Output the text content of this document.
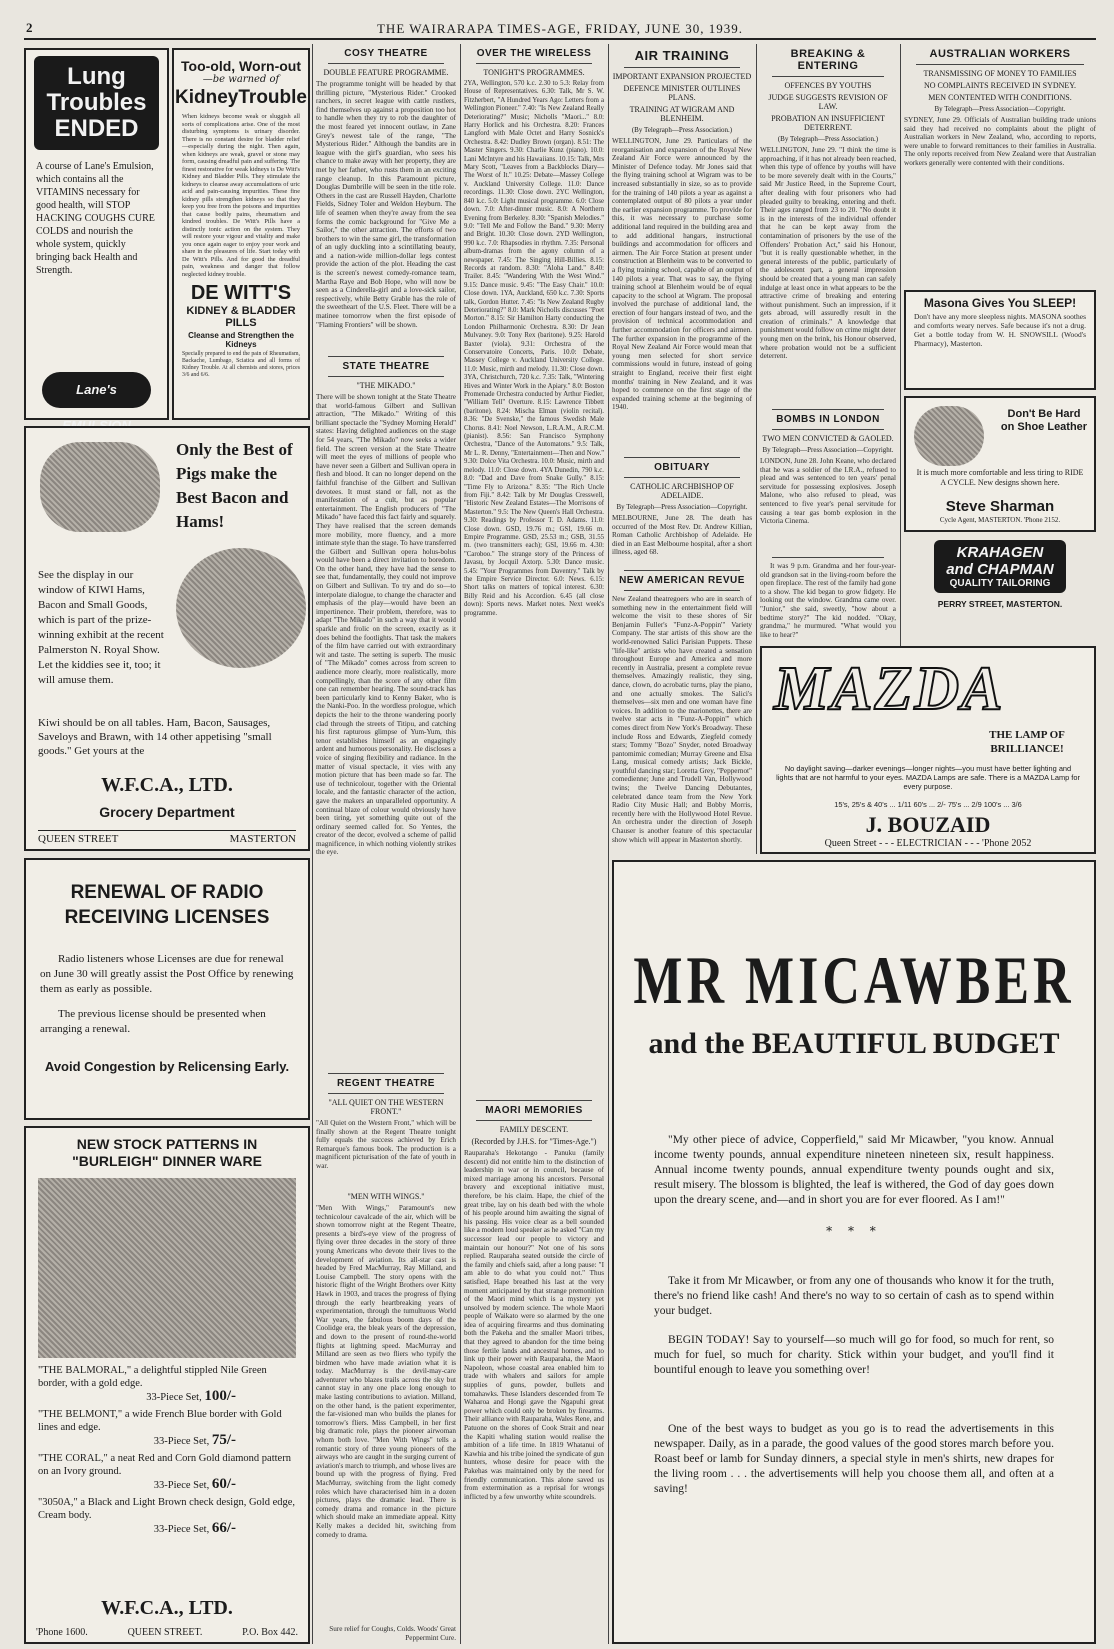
2	THE WAIRARAPA TIMES-AGE, FRIDAY, JUNE 30, 1939.
Lung Troubles ENDED
A course of Lane's Emulsion, which contains all the VITAMINS necessary for good health, will STOP HACKING COUGHS CURE COLDS and nourish the whole system, quickly bringing back Health and Strength.
Lane's
Too-old, Worn-out
—be warned of
KidneyTrouble
When kidneys become weak or sluggish all sorts of complications arise. One of the most disturbing symptoms is urinary disorder. There is no constant desire for bladder relief—especially during the night. Then again, when kidneys are weak, gravel or stone may form, causing dreadful pain and suffering. The finest restorative for weak kidneys is De Witt's Kidney and Bladder Pills. They stimulate the kidneys to cleanse away accumulations of uric acid and pain-causing impurities. These fine kidney pills strengthen kidneys so that they keep you free from the poisons and impurities that cause bodily pains, rheumatism and kindred troubles. De Witt's Pills have a distinctly tonic action on the system. They will restore your vigour and vitality and make you once again eager to enjoy your work and share in the pleasures of life. Start today with De Witt's Pills. And for good the dreadful pain, weakness and danger that follow neglected kidney trouble.
DE WITT'S
KIDNEY & BLADDER PILLS
Cleanse and Strengthen the Kidneys
Specially prepared to end the pain of Rheumatism, Backache, Lumbago, Sciatica and all forms of Kidney Trouble. At all chemists and stores, prices 3/6 and 6/6.
Only the Best of Pigs make the Best Bacon and Hams!
See the display in our window of KIWI Hams, Bacon and Small Goods, which is part of the prize-winning exhibit at the recent Palmerston N. Royal Show. Let the kiddies see it, too; it will amuse them.
Kiwi should be on all tables. Ham, Bacon, Sausages, Saveloys and Brawn, with 14 other appetising "small goods." Get yours at the
W.F.C.A., LTD.
Grocery Department
QUEEN STREET	MASTERTON
RENEWAL OF RADIO RECEIVING LICENSES
Radio listeners whose Licenses are due for renewal on June 30 will greatly assist the Post Office by renewing them as early as possible.
The previous license should be presented when arranging a renewal.
Avoid Congestion by Relicensing Early.
NEW STOCK PATTERNS IN "BURLEIGH" DINNER WARE
"THE BALMORAL," a delightful stippled Nile Green border, with a gold edge.
33-Piece Set, 100/-
"THE BELMONT," a wide French Blue border with Gold lines and edge.
33-Piece Set, 75/-
"THE CORAL," a neat Red and Corn Gold diamond pattern on an Ivory ground.
33-Piece Set, 60/-
"3050A," a Black and Light Brown check design, Gold edge, Cream body.
33-Piece Set, 66/-
W.F.C.A., LTD.
'Phone 1600.	QUEEN STREET.	P.O. Box 442.
COSY THEATRE
DOUBLE FEATURE PROGRAMME.
The programme tonight will be headed by that thrilling picture, "Mysterious Rider." Crooked ranchers, in secret league with cattle rustlers, find themselves up against a proposition too hot to handle when they try to rob the daughter of the most feared yet innocent outlaw, in Zane Grey's newest tale of the range, "The Mysterious Rider." Although the bandits are in league with the girl's guardian, who sees his chance to make away with her property, they are met by her father, who rusts them in an exciting range cleanup. In this Paramount picture, Douglas Dumbrille will be seen in the title role. Others in the cast are Russell Hayden, Charlotte Fields, Sidney Toler and Weldon Heyburn. The life of seamen when they're away from the sea forms the comic background for "Give Me a Sailor," the other attraction. The efforts of two brothers to win the same girl, the transformation of an ugly duckling into a scintillating beauty, and a nation-wide million-dollar legs contest provide the action of the plot. Heading the cast is the screen's newest comedy-romance team, Martha Raye and Bob Hope, who will now be seen as a Cinderella-girl and a love-sick sailor, respectively, while Betty Grable has the role of the sweetheart of the U.S. Fleet. There will be a matinee tomorrow when the first episode of "Flaming Frontiers" will be shown.
STATE THEATRE
"THE MIKADO."
There will be shown tonight at the State Theatre that world-famous Gilbert and Sullivan attraction, "The Mikado." Writing of this brilliant spectacle the "Sydney Morning Herald" states: Having delighted audiences on the stage for 54 years, "The Mikado" now seeks a wider field. The screen version at the State Theatre will meet the eyes of millions of people who have never seen a Gilbert and Sullivan opera in flesh and blood. It can no longer depend on the faithful franchise of the Gilbert and Sullivan devotees. It must stand or fall, not as the manifestation of a cult, but as popular entertainment. The English producers of "The Mikado" have faced this fact fairly and squarely. They have realised that the screen demands more mobility, more fluency, and a more intimate style than the stage. To have transferred the Gilbert and Sullivan opera holus-bolus would have been a direct invitation to boredom. On the other hand, they have had the sense to see that, fundamentally, they could not improve on Gilbert and Sullivan. To try and do so—to interpolate dialogue, to change the character and emphasis of the play—would have been an impertinence. Their problem, therefore, was to adapt "The Mikado" in such a way that it would sparkle and frolic on the screen, exactly as it does behind the footlights. That task the makers of the film have carried out with extraordinary wit and taste. The setting is superb. The music of "The Mikado" comes across from screen to audience more clearly, more realistically, more compellingly, than the score of any other film one can remember hearing. The sound-track has been particularly kind to Kenny Baker, who is the Nanki-Poo. In the wordless prologue, which depicts the heir to the throne wandering poorly clad through the streets of Titipu, and catching his first rapturous glimpse of Yum-Yum, this tenor establishes himself as an engagingly ardent and humorous personality. He discloses a voice of singing flexibility and radiance. In the matter of visual spectacle, it vies with any motion picture that has been made so far. The use of technicolour, together with the Oriental locale, and the fantastic character of the action, gave the makers an unparalleled opportunity. A continual blaze of colour would obviously have been tiring, yet something quite out of the ordinary seemed called for. So Yentes, the creator of the decor, evolved a scheme of pallid magnificence, in which nothing violently strikes the eye.
REGENT THEATRE
"ALL QUIET ON THE WESTERN FRONT."
"All Quiet on the Western Front," which will be finally shown at the Regent Theatre tonight fully equals the success achieved by Erich Remarque's famous book. The production is a magnificent picturisation of the fate of youth in war.
"MEN WITH WINGS."
"Men With Wings," Paramount's new technicolour cavalcade of the air, which will be shown tomorrow night at the Regent Theatre, presents a bird's-eye view of the progress of flying over three decades in the story of three young Americans who devote their lives to the development of aviation. Its all-star cast is headed by Fred MacMurray, Ray Milland, and Louise Campbell. The story opens with the historic flight of the Wright Brothers over Kitty Hawk in 1903, and traces the progress of flying through the early heartbreaking years of experimentation, through the tumultuous World War years, the fabulous boom days of the Coolidge era, the bleak years of the depression, and down to the present of round-the-world flights at lightning speed. MacMurray and Milland are seen as two fliers who typify the birdmen who have made aviation what it is today. MacMurray is the devil-may-care adventurer who blazes trails across the sky but cannot stay in any one place long enough to make lasting contributions to aviation. Milland, on the other hand, is the patient experimenter, the far-visioned man who builds the planes for tomorrow's fliers. Miss Campbell, in her first big dramatic role, plays the pioneer airwoman whom both love. "Men With Wings" tells a romantic story of three young pioneers of the airways who are caught in the surging current of aviation's march to triumph, and whose lives are bound up with the progress of flying. Fred MacMurray, switching from the light comedy roles which have characterised him in a dozen pictures, plays the dramatic lead. There is comedy drama and romance in the picture which should make an immediate appeal. Kitty Kelly makes a decided hit, switching from comedy to drama.
Sure relief for Coughs, Colds. Woods' Great Peppermint Cure.
OVER THE WIRELESS
TONIGHT'S PROGRAMMES.
2YA, Wellington, 570 k.c. 2.30 to 5.3: Relay from House of Representatives. 6.30: Talk, Mr S. W. Fitzherbert, "A Hundred Years Ago: Letters from a Wellington Pioneer." 7.40: "Is New Zealand Really Deteriorating?" Music; Nicholls "Maori..." 8.0: Harry Horlick and his Orchestra. 8.20: Frances Langford with Male Octet and Harry Sosnick's Orchestra. 8.42: Dudley Brown (organ). 8.51: The Master Singers. 9.30: Charlie Kunz (piano). 10.0: Lani McIntyre and his Hawaiians. 10.15: Talk, Mrs Mary Scott, "Leaves from a Backblocks Diary—The Worst of It." 10.25: Debate—Massey College v. Auckland University College. 11.0: Dance recordings. 11.30: Close down. 2YC Wellington, 840 k.c. 5.0: Light musical programme. 6.0: Close down. 7.0: After-dinner music. 8.0: A Northern Evening from Berkeley. 8.30: "Spanish Melodies." 9.0: "Tell Me and Follow the Band." 9.30: Merry and Bright. 10.30: Close down. 2YD Wellington, 990 k.c. 7.0: Rhapsodies in rhythm. 7.35: Personal album-dramas from the agony column of a newspaper. 7.45: The Singing Hill-Billies. 8.15: Records at random. 8.30: "Aloha Land." 8.40: Trailer. 8.45: "Wandering With the West Wind." 9.15: Dance music. 9.45: "The Easy Chair." 10.0: Close down. 1YA, Auckland, 650 k.c. 7.30: Sports talk, Gordon Hutter. 7.45: "Is New Zealand Rugby Deteriorating?" 8.0: Mark Nicholls discusses "Poet Morton." 8.15: Sir Hamilton Harty conducting the London Philharmonic Orchestra. 8.30: Dr Jean Mulvaney. 9.0: Tony Rex (baritone). 9.25: Harold Baxter (viola). 9.31: Orchestra of the Conservatoire Concerts, Paris. 10.0: Debate, Massey College v. Auckland University College. 11.0: Music, mirth and melody. 11.30: Close down. 3YA, Christchurch, 720 k.c. 7.35: Talk, "Wintering Hives and Winter Work in the Apiary." 8.0: Boston Promenade Orchestra conducted by Arthur Fiedler, "William Tell" Overture. 8.15: Lawrence Tibbett (baritone). 8.24: Mischa Elman (violin recital). 8.36: "De Svenske," the famous Swedish Male Chorus. 8.41: Noel Newson, L.R.A.M., A.R.C.M. (pianist). 8.56: San Francisco Symphony Orchestra, "Dance of the Automatons." 9.5: Talk, Mr L. R. Denny, "Entertainment—Then and Now." 9.30: Dolce Vita Orchestra. 10.0: Music, mirth and melody. 11.0: Close down. 4YA Dunedin, 790 k.c. 8.0: "Dad and Dave from Snake Gully." 8.15: "Time Fly to Arizona." 8.35: "The Rich Uncle from Fiji." 8.42: Talk by Mr Douglas Cresswell, "Historic New Zealand Estates—The Morrisons of Masterton." 9.5: The New Queen's Hall Orchestra. 9.30: Readings by Professor T. D. Adams. 11.0: Close down. GSD, 19.76 m.; GSI, 19.66 m. Empire Programme. GSD, 25.53 m.; GSB, 31.55 m. (two transmitters each); GSI, 19.66 m. 4.30: "Caroboo." The strange story of the Princess of Javasu, by Jocquil Axtorp. 5.30: Dance music. 5.45: "Your Programmes from Daventry." Talk by the Empire Service Director. 6.0: News. 6.15: Short talks on matters of topical interest. 6.30: Billy Reid and his Accordion. 6.45 (all close down): Sports news. Market notes. Next week's programme.
MAORI MEMORIES
FAMILY DESCENT.
(Recorded by J.H.S. for "Times-Age.")
Rauparaha's Hekotango - Panuku (family descent) did not entitle him to the distinction of leadership in war or in council, because of mixed marriage among his ancestors. Personal bravery and exceptional initiative must, therefore, be his claim. Hape, the chief of the great tribe, lay on his death bed with the whole of his people around him awaiting the signal of his passing. His voice clear as a bell sounded like a modern loud speaker as he asked "Can my successor lead our people to victory and maintain our honour?" Not one of his sons replied. Rauparaha seated outside the circle of the family and chiefs said, after a long pause: "I am able to do what you could not." Thus satisfied, Hape breathed his last at the very moment anticipated by that strange premonition of the Maori mind which is a mystery yet unsolved by modern science. The whole Maori people of Waikato were so alarmed by the one idea of acquiring firearms and thus dominating both the Pakeha and the smaller Maori tribes, that they agreed to abandon for the time being those fertile lands and ancestral homes, and to link up their power with Rauparaha, the Maori Napoleon, whose coastal area enabled him to trade with whalers and sailors for ample supplies of guns, powder, bullets and tomahawks. These Islanders descended from Te Waharoa and Hongi gave the Ngapuhi great power which could only be broken by firearms. Their alliance with Rauparaha, Wales Rene, and Patuone on the shores of Cook Strait and near the Kapiti whaling station would realise the ambition of a life time. In 1819 Whatanui of Kawhia and his tribe joined the syndicate of gun hunters, whose desire for peace with the Pakehas was maintained only by the need for friendly communication. This alone saved us from extermination as a reprisal for wrongs inflicted by a few unworthy white scoundrels.
AIR TRAINING
IMPORTANT EXPANSION PROJECTED
DEFENCE MINISTER OUTLINES PLANS.
TRAINING AT WIGRAM AND BLENHEIM.
(By Telegraph—Press Association.)
WELLINGTON, June 29. Particulars of the reorganisation and expansion of the Royal New Zealand Air Force were announced by the Minister of Defence today. Mr Jones said that the flying training school at Wigram was to be increased substantially in size, so as to provide for the training of 140 pilots a year as against a contemplated output of 80 pilots a year under the earlier expansion programme. To provide for this, it was necessary to purchase some additional land required in the building area and to add additional hangars, instructional buildings and accommodation for officers and airmen. The Air Force Station at present under construction at Blenheim was to be converted to a flying training school, capable of an output of 140 pilots a year. That was to say, the flying training school at Blenheim would be of equal capacity to the school at Wigram. The proposal involved the purchase of additional land, the erection of four hangars instead of two, and the provision of technical accommodation and further accommodation for officers and airmen. The further expansion in the programme of the Royal New Zealand Air Force would mean that young men selected for short service commissions would in future, instead of going straight to England, receive their first eight months' training in New Zealand, and it was hoped to commence on the first stage of the expanded training scheme at the beginning of 1940.
OBITUARY
CATHOLIC ARCHBISHOP OF ADELAIDE.
By Telegraph—Press Association—Copyright.
MELBOURNE, June 28. The death has occurred of the Most Rev. Dr. Andrew Killian, Roman Catholic Archbishop of Adelaide. He died in an East Melbourne hospital, after a short illness, aged 68.
NEW AMERICAN REVUE
New Zealand theatregoers who are in search of something new in the entertainment field will welcome the visit to these shores of Sir Benjamin Fuller's "Funz-A-Poppin'" Variety Company. The star artists of this show are the world-renowned Salici Parisian Puppets. These "life-like" artists who have created a sensation throughout Europe and America and more recently in Australia, present a complete revue themselves. Amazingly realistic, they sing, dance, clown, do acrobatic turns, play the piano, and one actually smokes. The Salici's themselves—six men and one woman have fine voices. In addition to the marionettes, there are twelve star acts in "Funz-A-Poppin'" which comes direct from New York's Broadway. These include Ross and Edwards, Ziegfeld comedy stars; Tommy "Bozo" Snyder, noted Broadway pantomimic comedian; Murray Greene and Elsa Lang, musical comedy artists; Jack Bickle, youthful dancing star; Loretta Grey, "Peppernot" comedienne; June and Trudell Van, Hollywood twins; the Twelve Dancing Debutantes, celebrated dance team from the New York Radio City Music Hall; and Bobby Morris, recently here with the Hollywood Hotel Revue. An orchestra under the direction of Joseph Chauser is another feature of this spectacular show which will appear in Masterton shortly.
BREAKING & ENTERING
OFFENCES BY YOUTHS
JUDGE SUGGESTS REVISION OF LAW.
PROBATION AN INSUFFICIENT DETERRENT.
(By Telegraph—Press Association.)
WELLINGTON, June 29. "I think the time is approaching, if it has not already been reached, when this type of offence by youths will have to be more severely dealt with in the Courts," said Mr Justice Reed, in the Supreme Court, after dealing with four prisoners who had pleaded guilty to breaking, entering and theft. Their ages ranged from 23 to 20. "No doubt it is in the interests of the individual offender that he can be kept away from the contamination of prisoners by the use of the Offenders' Probation Act," said his Honour, "but it is really questionable whether, in the general interests of the public, particularly of the adolescent part, a general impression should be created that a young man can safely indulge at least once in what appears to be the attractive crime of breaking and entering without punishment. Such an impression, if it gets abroad, will assuredly result in the creation of criminals." A knowledge that punishment would follow on crime might deter young men on the brink, his Honour observed, where probation would not be a sufficient deterrent.
BOMBS IN LONDON
TWO MEN CONVICTED & GAOLED.
By Telegraph—Press Association—Copyright.
LONDON, June 28. John Keane, who declared that he was a soldier of the I.R.A., refused to plead and was sentenced to ten years' penal servitude for possessing explosives. Joseph Malone, who also refused to plead, was sentenced to five year's penal servitude for causing a tear gas bomb explosion in the Victoria Cinema.
It was 9 p.m. Grandma and her four-year-old grandson sat in the living-room before the open fireplace. The rest of the family had gone to a show. The kid began to grow fidgety. He looking out the window. Grandma came over. "Junior," she said, sweetly, "how about a bedtime story?" The kid nodded. "Okay, grandma," he murmured. "What would you like to hear?"
AUSTRALIAN WORKERS
TRANSMISSING OF MONEY TO FAMILIES
NO COMPLAINTS RECEIVED IN SYDNEY.
MEN CONTENTED WITH CONDITIONS.
By Telegraph—Press Association—Copyright.
SYDNEY, June 29. Officials of Australian building trade unions said they had received no complaints about the plight of Australian workers in New Zealand, who, according to reports, were unable to forward remittances to their families in Australia. The only reports received from New Zealand were that Australian workers generally were contented with their conditions.
Masona Gives You SLEEP!
Don't have any more sleepless nights. MASONA soothes and comforts weary nerves. Safe because it's not a drug. Get a bottle today from W. H. SNOWSILL (Wood's Pharmacy), Masterton.
Don't Be Hard on Shoe Leather
It is much more comfortable and less tiring to RIDE A CYCLE. New designs shown here.
Steve Sharman
Cycle Agent, MASTERTON. 'Phone 2152.
KRAHAGEN
and CHAPMAN
QUALITY TAILORING
PERRY STREET, MASTERTON.
MAZDA
THE LAMP OF BRILLIANCE!
No daylight saving—darker evenings—longer nights—you must have better lighting and lights that are not harmful to your eyes. MAZDA Lamps are safe. There is a MAZDA Lamp for every purpose.
15's, 25's & 40's ... 1/11 60's ... 2/- 75's ... 2/9 100's ... 3/6
J. BOUZAID
Queen Street - - - ELECTRICIAN - - - 'Phone 2052
MR MICAWBER
and the BEAUTIFUL BUDGET
"My other piece of advice, Copperfield," said Mr Micawber, "you know. Annual income twenty pounds, annual expenditure nineteen nineteen six, result happiness. Annual income twenty pounds, annual expenditure twenty pounds ought and six, result misery. The blossom is blighted, the leaf is withered, the God of day goes down upon the dreary scene, and—and in short you are for ever floored. As I am!"
* * *
Take it from Mr Micawber, or from any one of thousands who know it for the truth, there's no friend like cash! And there's no way to so certain of cash as to spend within your budget.
BEGIN TODAY! Say to yourself—so much will go for food, so much for rent, so much for fuel, so much for charity. Stick within your budget, and you'll find it bountiful enough to leave you something over!
One of the best ways to budget as you go is to read the advertisements in this newspaper. Daily, as in a parade, the good values of the good stores march before you. Roast beef or lamb for Sunday dinners, a special style in men's shirts, new drapes for the living room . . . the advertisements will help you choose them all, and often at a saving!
